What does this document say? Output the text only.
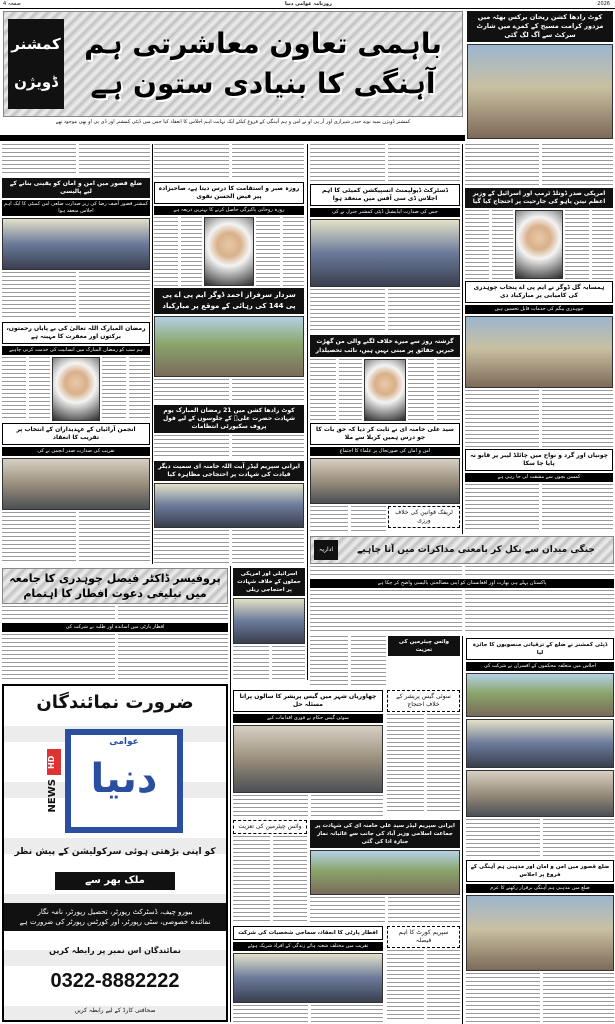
صفحہ 4	روزنامہ عوامی دنیا	2026
کمشنر ڈویژن
باہمی تعاون معاشرتی ہم آہنگی کا بنیادی ستون ہے
کمشنر ڈویژن سید نوید حیدر شیرازی اور آر پی او نے امن و ہم آہنگی کے فروغ کیلئے ایک نہایت اہم اجلاس کا انعقاد کیا جس میں ڈپٹی کمشنر اور ڈی پی او بھی موجود تھے
کوٹ رادھا کشن ریحان برکس بھٹہ میں مزدور کرامت مسیح کے کمرے میں شارٹ سرکٹ سے آگ لگ گئی
ضلع قصور میں امن و امان کو یقینی بنانے کے لیے پالیسی
کمشنر قصور آصف رضا کی زیر صدارت ضلعی امن کمیٹی کا ایک اہم اجلاس منعقد ہوا
رمضان المبارک اللہ تعالیٰ کی بے پایاں رحمتوں، برکتوں اور مغفرت کا مہینہ ہے
ہم سب کو رمضان المبارک میں انسانیت کی خدمت کرنی چاہیے
انجمن آرائیاں کے عہدیداران کے انتخاب پر تقریب کا انعقاد
تقریب کی صدارت صدر انجمن نے کی
روزہ صبر و استقامت کا درس دیتا ہے، صاحبزادہ پیر فیض الحسن نقوی
روزہ روحانی پاکیزگی حاصل کرنے کا بہترین ذریعہ ہے
سردار سرفراز احمد ڈوگر ایم پی اے پی پی 144 کی رہائی کے موقع پر مبارکباد
کوٹ رادھا کشن میں 21 رمضان المبارک یوم شہادت حضرت علیؓ کے جلوسوں کے لیے فول پروف سکیورٹی انتظامات
ایرانی سپریم لیڈر آیت اللہ خامنہ ای سمیت دیگر قیادت کی شہادت پر احتجاجی مظاہرہ کیا
ڈسٹرکٹ ڈیولپمنٹ انسپیکشن کمیٹی کا اہم اجلاس ڈی سی آفس میں منعقد ہوا
جس کی صدارت ایڈیشنل ڈپٹی کمشنر جنرل نے کی
گزشتہ روز سے میرے خلاف لگنے والی من گھڑت خبریں حقائق پر مبنی نہیں ہیں، نائب تحصیلدار
سید علی خامنہ ای نے ثابت کر دیا کہ حق بات کا جو درس ہمیں کربلا سے ملا
امن و امان کی صورتحال پر علماء کا اجتماع
ٹریفک قوانین کی خلاف ورزی
امریکی صدر ڈونلڈ ٹرمپ اور اسرائیل کے وزیر اعظم نیتن یاہو کی جارحیت پر احتجاج کیا گیا
ہمسایہ گل ڈوگر نے ایم پی اے پنجاب چوہدری کی کامیابی پر مبارکباد دی
چوہدری بیگم کی خدمات قابل تحسین ہیں
چونیاں اور گرد و نواح میں چائلڈ لیبر پر قابو نہ پایا جا سکا
کمسن بچوں سے مشقت لی جا رہی ہے
اداریہ	جنگی میدان سے نکل کر بامعنی مذاکرات میں آنا چاہیے
پاکستان پہلے ہی بھارت اور افغانستان کو اپنی مصالحتی پالیسی واضح کر چکا ہے
وائس چیئرمین کی تعزیت
پروفیسر ڈاکٹر فیصل چوہدری کا جامعہ میں تبلیغی دعوت افطار کا اہتمام
افطار پارٹی میں اساتذہ اور طلبہ نے شرکت کی
اسرائیلی اور امریکی حملوں کے خلاف شہادت پر احتجاجی ریلی
ڈپٹی کمشنر نے ضلع کے ترقیاتی منصوبوں کا جائزہ لیا
اجلاس میں متعلقہ محکموں کے افسران نے شرکت کی
ضلع قصور میں امن و امان اور مذہبی ہم آہنگی کے فروغ پر اجلاس
ضلع میں مذہبی ہم آہنگی برقرار رکھنے کا عزم
چھاوریاں شہر میں گیس پریشر کا سالوں پرانا مسئلہ حل
سوئی گیس حکام نے فوری اقدامات کیے
سوئی گیس پریشر کے خلاف احتجاج
ایرانی سپریم لیڈر سید علی خامنہ ای کی شہادت پر جماعت اسلامی وزیر آباد کی جانب سے غائبانہ نماز جنازہ ادا کی گئی
وائس چیئرمین کی تعزیت
افطار پارٹی کا انعقاد، سماجی شخصیات کی شرکت
تقریب میں مختلف شعبہ ہائے زندگی کے افراد شریک ہوئے
سپریم کورٹ کا اہم فیصلہ
ضرورت نمائندگان
HD
NEWS
عوامی
دنیا
کو اپنی بڑھتی ہوئی سرکولیشن کے پیش نظر
ملک بھر سے
بیورو چیف، ڈسٹرکٹ رپورٹر، تحصیل رپورٹر، نامہ نگار
نمائندہ خصوصی، سٹی رپورٹر، اور کورٹس رپورٹر کی ضرورت ہے
نمائندگان اس نمبر پر رابطہ کریں
0322-8882222
صحافتی کارڈ کے لیے رابطہ کریں
